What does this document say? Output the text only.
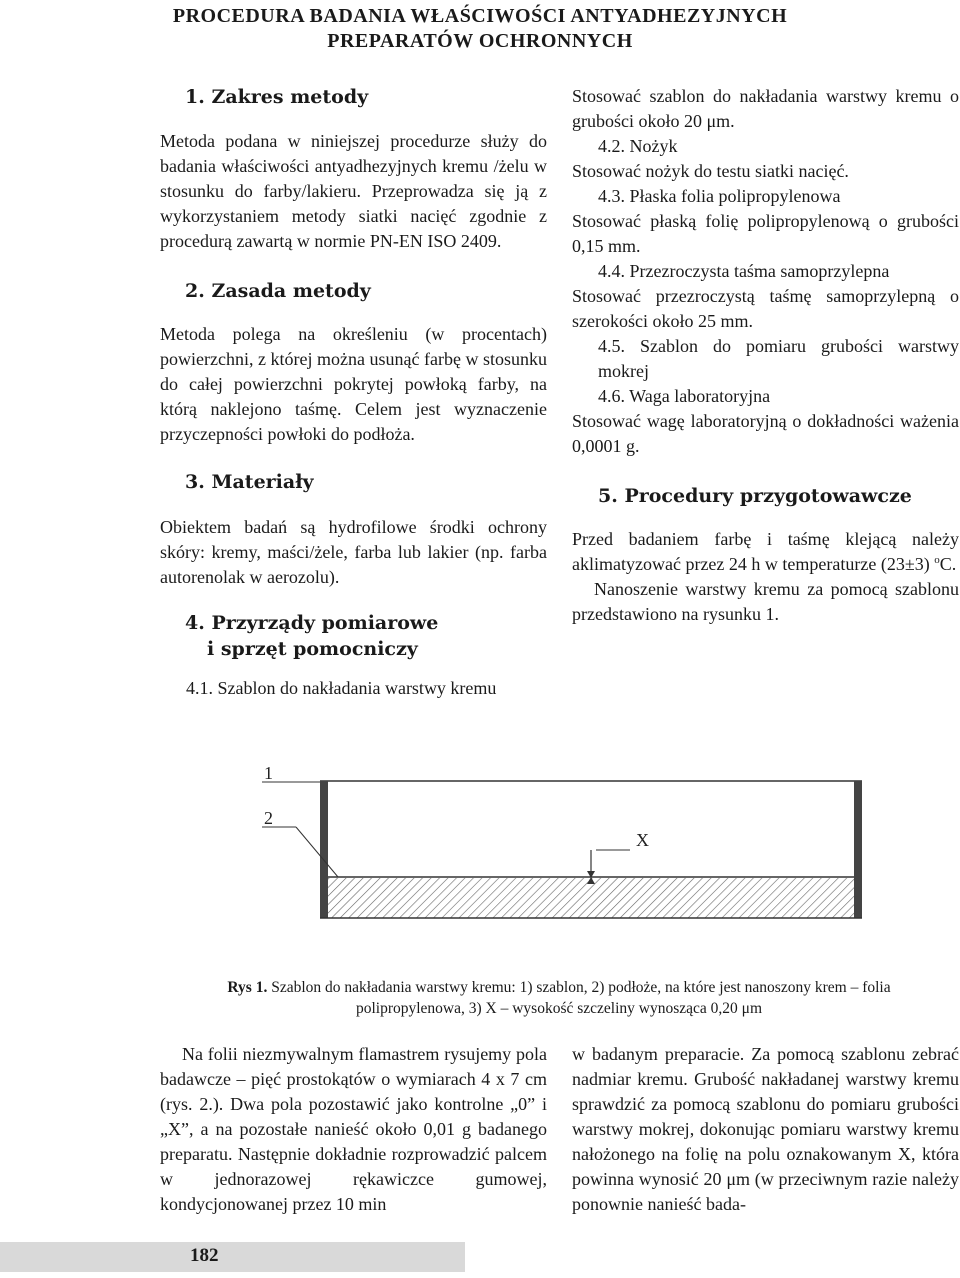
PROCEDURA BADANIA WŁAŚCIWOŚCI ANTYADHEZYJNYCH
PREPARATÓW OCHRONNYCH
1. Zakres metody

Metoda podana w niniejszej procedurze służy do badania właściwości antyadhezyjnych kremu /żelu w stosunku do farby/lakieru. Przeprowadza się ją z wykorzystaniem metody siatki nacięć zgodnie z procedurą zawartą w normie PN-EN ISO 2409.

2. Zasada metody

Metoda polega na określeniu (w procentach) powierzchni, z której można usunąć farbę w stosunku do całej powierzchni pokrytej powłoką farby, na którą naklejono taśmę. Celem jest wyznaczenie przyczepności powłoki do podłoża.

3. Materiały

Obiektem badań są hydrofilowe środki ochrony skóry: kremy, maści/żele, farba lub lakier (np. farba autorenolak w aerozolu).

4. Przyrządy pomiarowe
i sprzęt pomocniczy
4.1. Szablon do nakładania warstwy kremu

Stosować szablon do nakładania warstwy kremu o grubości około 20 μm.

4.2. Nożyk

Stosować nożyk do testu siatki nacięć.

4.3. Płaska folia polipropylenowa

Stosować płaską folię polipropylenową o grubości 0,15 mm.

4.4. Przezroczysta taśma samoprzylepna

Stosować przezroczystą taśmę samoprzylepną o szerokości około 25 mm.

4.5. Szablon do pomiaru grubości warstwy mokrej
4.6. Waga laboratoryjna

Stosować wagę laboratoryjną o dokładności ważenia 0,0001 g.

5. Procedury przygotowawcze

Przed badaniem farbę i taśmę klejącą należy aklimatyzować przez 24 h w temperaturze (23±3) $^o$C.

Nanoszenie warstwy kremu za pomocą szablonu przedstawiono na rysunku 1.

1
2
X
Rys 1. Szablon do nakładania warstwy kremu: 1) szablon, 2) podłoże, na które jest nanoszony krem – folia polipropylenowa, 3) X – wysokość szczeliny wynosząca 0,20 μm
Na folii niezmywalnym flamastrem rysujemy pola badawcze – pięć prostokątów o wymiarach 4 x 7 cm (rys. 2.). Dwa pola pozostawić jako kontrolne „0” i „X”, a na pozostałe nanieść około 0,01 g badanego preparatu. Następnie dokładnie rozprowadzić palcem w jednorazowej rękawiczce gumowej, kondycjonowanej przez 10 min
w badanym preparacie. Za pomocą szablonu zebrać nadmiar kremu. Grubość nakładanej warstwy kremu sprawdzić za pomocą szablonu do pomiaru grubości warstwy mokrej, dokonując pomiaru warstwy kremu nałożonego na folię na polu oznakowanym X, która powinna wynosić 20 μm (w przeciwnym razie należy ponownie nanieść bada-
182
